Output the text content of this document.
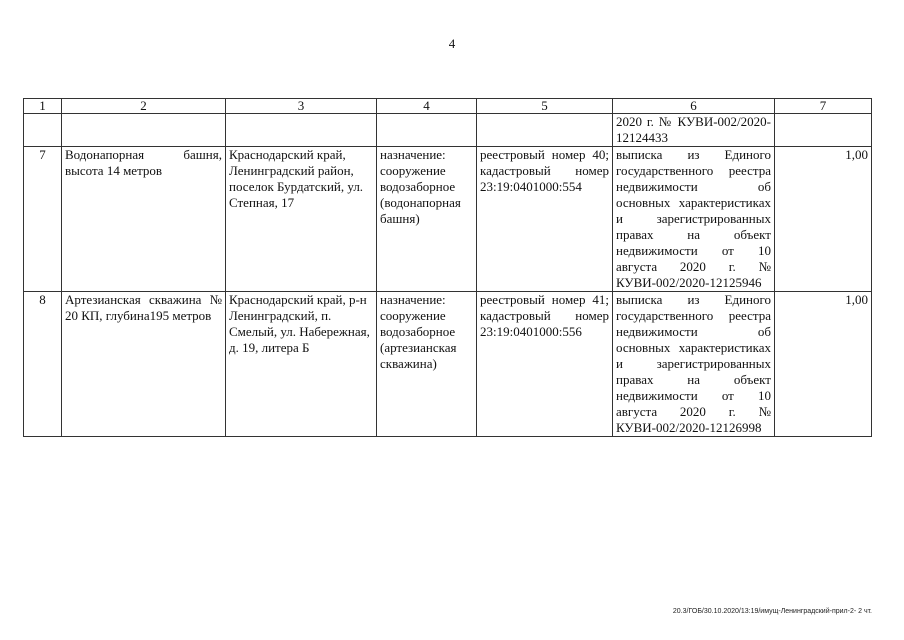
4
1	2	3	4	5	6	7
					2020 г. № КУВИ-002/2020-12124433	
7	Водонапорная башня, высота 14 метров	Краснодарский край, Ленинградский район, поселок Бурдатский, ул. Степная, 17	назначение: сооружение водозаборное (водонапорная башня)	реестровый номер 40; кадастровый номер 23:19:0401000:554	выписка из Единого государственного реестра недвижимости об основных характеристиках и зарегистрированных правах на объект недвижимости от 10 августа 2020 г. № КУВИ-002/2020-12125946	1,00
8	Артезианская скважина № 20 КП, глубина195 метров	Краснодарский край, р-н Ленинградский, п. Смелый, ул. Набережная, д. 19, литера Б	назначение: сооружение водозаборное (артезианская скважина)	реестровый номер 41; кадастровый номер 23:19:0401000:556	выписка из Единого государственного реестра недвижимости об основных характеристиках и зарегистрированных правах на объект недвижимости от 10 августа 2020 г. № КУВИ-002/2020-12126998	1,00
20.3/ГОБ/30.10.2020/13:19/имущ-Ленинградский-прил-2- 2 чт.
